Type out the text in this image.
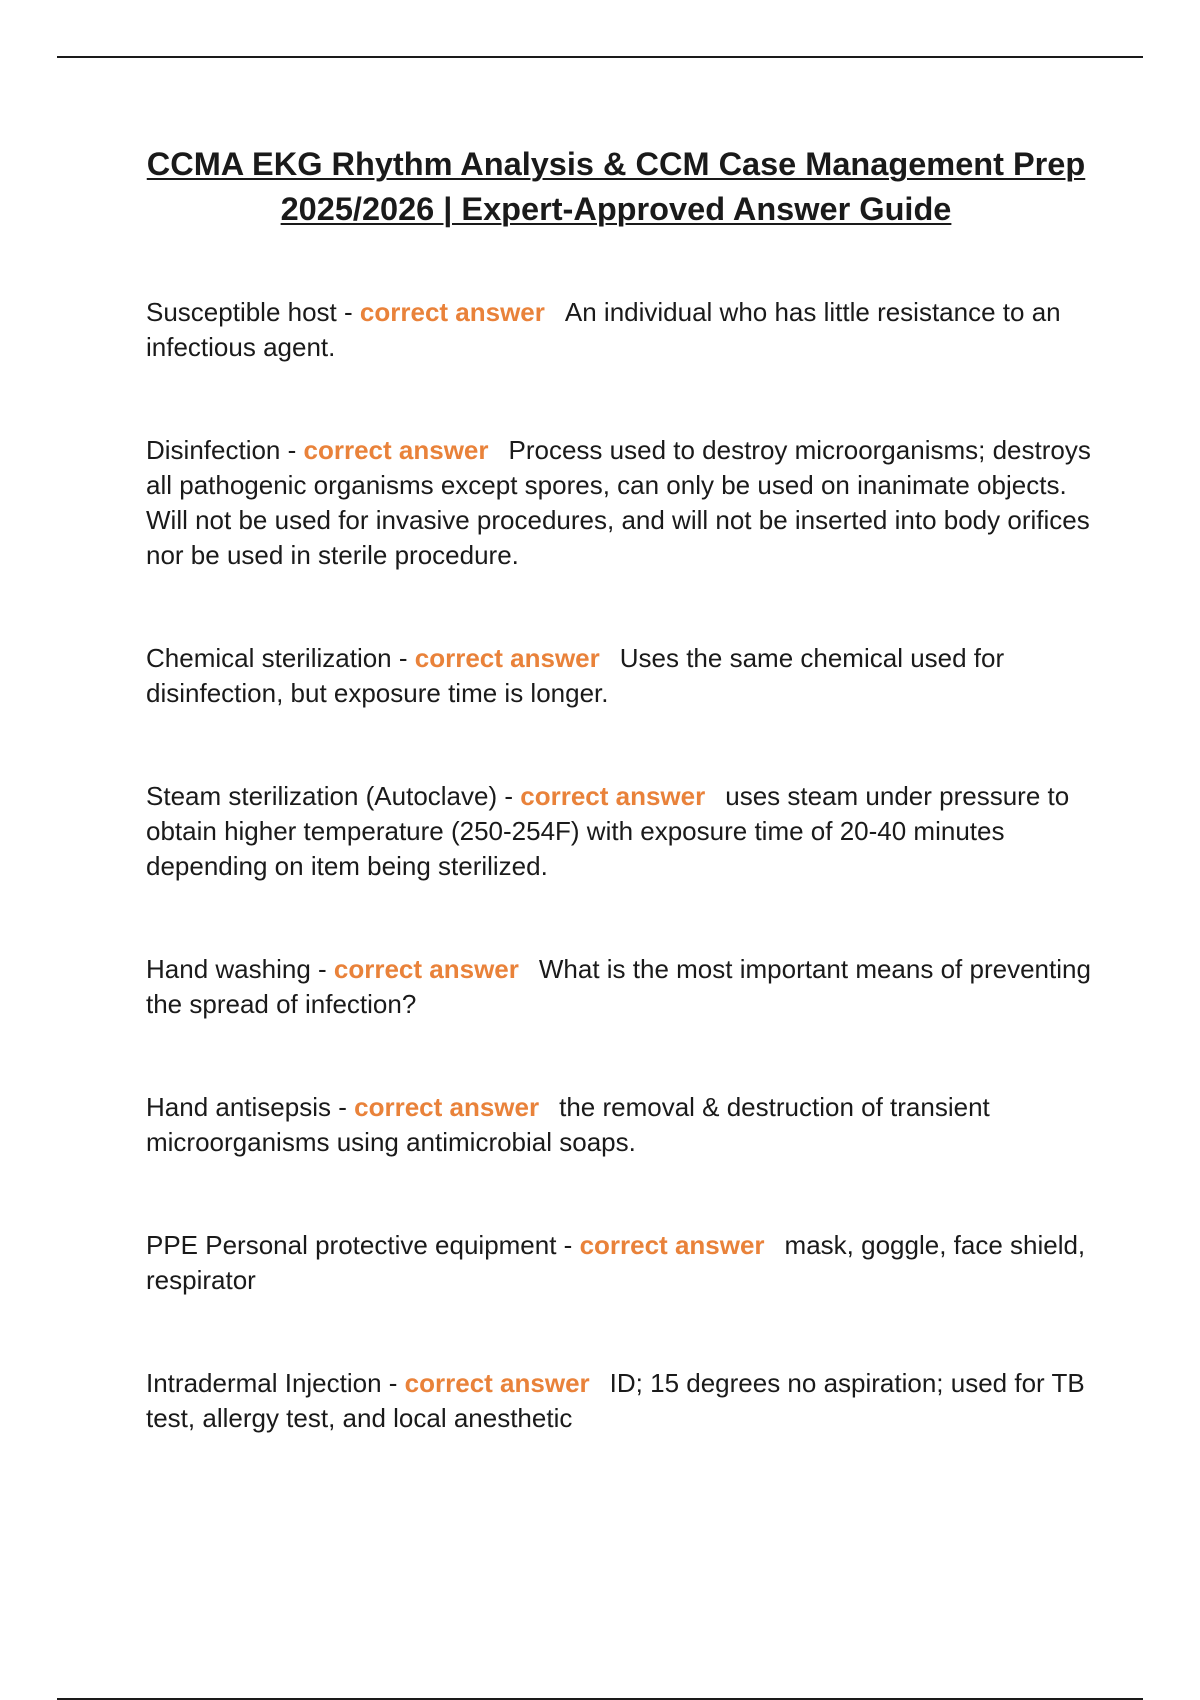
CCMA EKG Rhythm Analysis & CCM Case Management Prep 2025/2026 | Expert-Approved Answer Guide
Susceptible host - correct answer An individual who has little resistance to an infectious agent.
Disinfection - correct answer Process used to destroy microorganisms; destroys all pathogenic organisms except spores, can only be used on inanimate objects. Will not be used for invasive procedures, and will not be inserted into body orifices nor be used in sterile procedure.
Chemical sterilization - correct answer Uses the same chemical used for disinfection, but exposure time is longer.
Steam sterilization (Autoclave) - correct answer uses steam under pressure to obtain higher temperature (250-254F) with exposure time of 20-40 minutes depending on item being sterilized.
Hand washing - correct answer What is the most important means of preventing the spread of infection?
Hand antisepsis - correct answer the removal & destruction of transient microorganisms using antimicrobial soaps.
PPE Personal protective equipment - correct answer mask, goggle, face shield, respirator
Intradermal Injection - correct answer ID; 15 degrees no aspiration; used for TB test, allergy test, and local anesthetic
